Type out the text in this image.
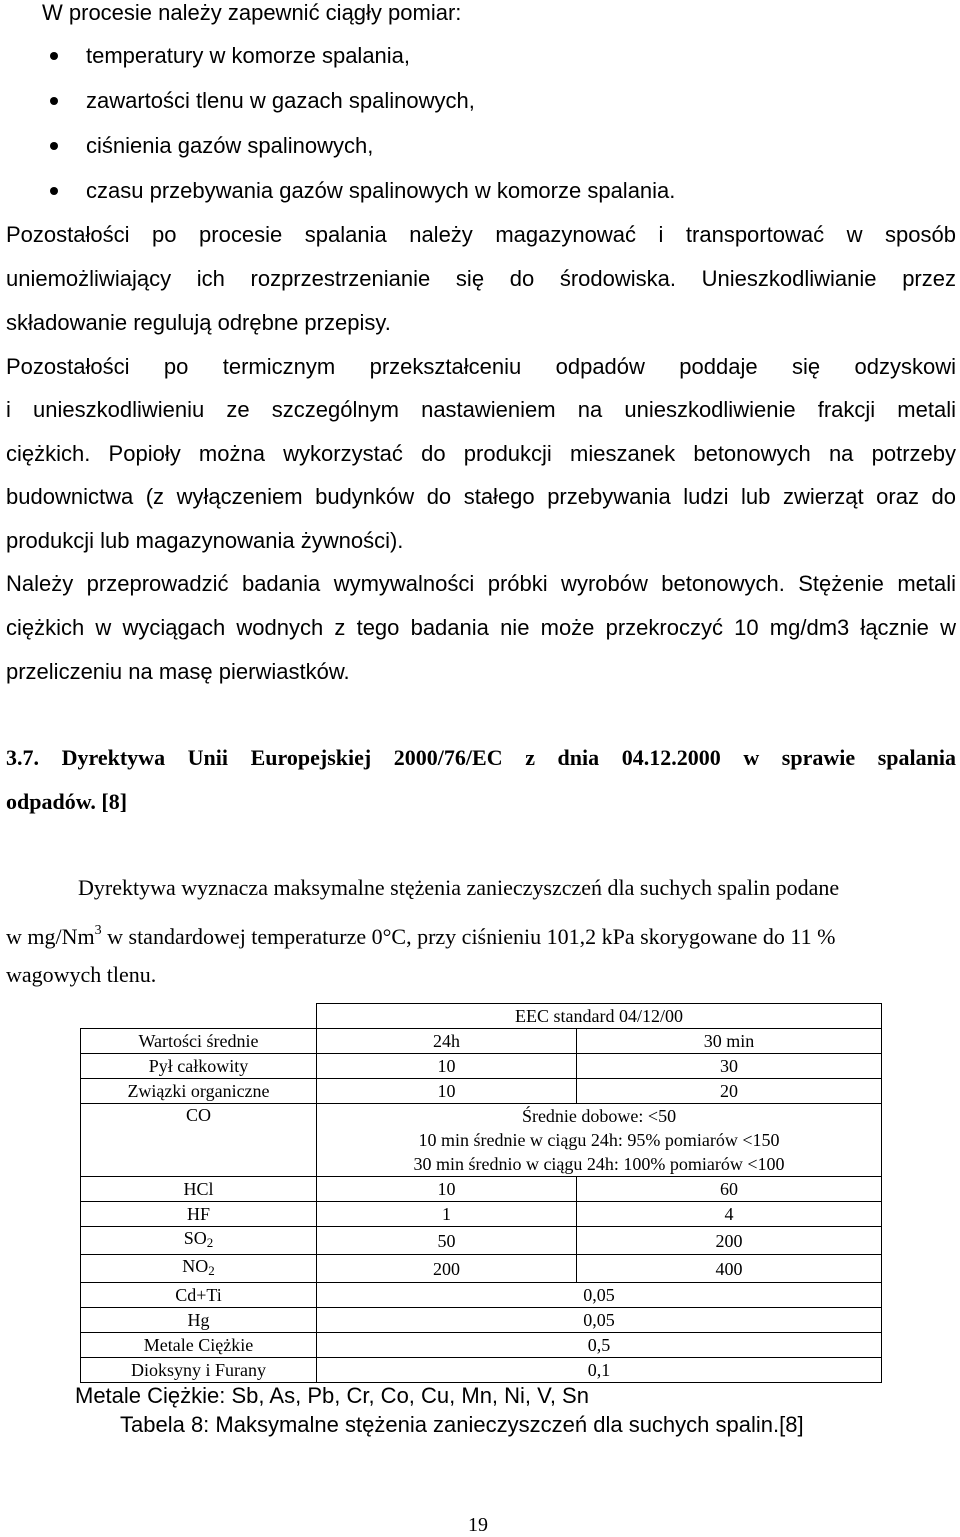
W procesie należy zapewnić ciągły pomiar:
temperatury w komorze spalania,
zawartości tlenu w gazach spalinowych,
ciśnienia gazów spalinowych,
czasu przebywania gazów spalinowych w komorze spalania.
Pozostałości po procesie spalania należy magazynować i transportować w sposób
uniemożliwiający ich rozprzestrzenianie się do środowiska. Unieszkodliwianie przez
składowanie regulują odrębne przepisy.
Pozostałości po termicznym przekształceniu odpadów poddaje się odzyskowi
i unieszkodliwieniu ze szczególnym nastawieniem na unieszkodliwienie frakcji metali
ciężkich. Popioły można wykorzystać do produkcji mieszanek betonowych na potrzeby
budownictwa (z wyłączeniem budynków do stałego przebywania ludzi lub zwierząt oraz do
produkcji lub magazynowania żywności).
Należy przeprowadzić badania wymywalności próbki wyrobów betonowych. Stężenie metali
ciężkich w wyciągach wodnych z tego badania nie może przekroczyć 10 mg/dm3 łącznie w
przeliczeniu na masę pierwiastków.
3.7. Dyrektywa Unii Europejskiej 2000/76/EC z dnia 04.12.2000 w sprawie spalania
odpadów. [8]
Dyrektywa wyznacza maksymalne stężenia zanieczyszczeń dla suchych spalin podane
w mg/Nm$^3$ w standardowej temperaturze 0°C, przy ciśnieniu 101,2 kPa skorygowane do 11 %
wagowych tlenu.
	EEC standard 04/12/00	
Wartości średnie	24h	30 min
Pył całkowity	10	30
Związki organiczne	10	20
CO	Średnie dobowe: <50
10 min średnie w ciągu 24h: 95% pomiarów <150
30 min średnio w ciągu 24h: 100% pomiarów <100	

HCl	10	60
HF	1	4
$SO_2$	50	200
$NO_2$	200	400
Cd+Ti	0,05	
Hg	0,05	
Metale Ciężkie	0,5	
Dioksyny i Furany	0,1	
Metale Ciężkie: Sb, As, Pb, Cr, Co, Cu, Mn, Ni, V, Sn
Tabela 8: Maksymalne stężenia zanieczyszczeń dla suchych spalin.[8]
19
